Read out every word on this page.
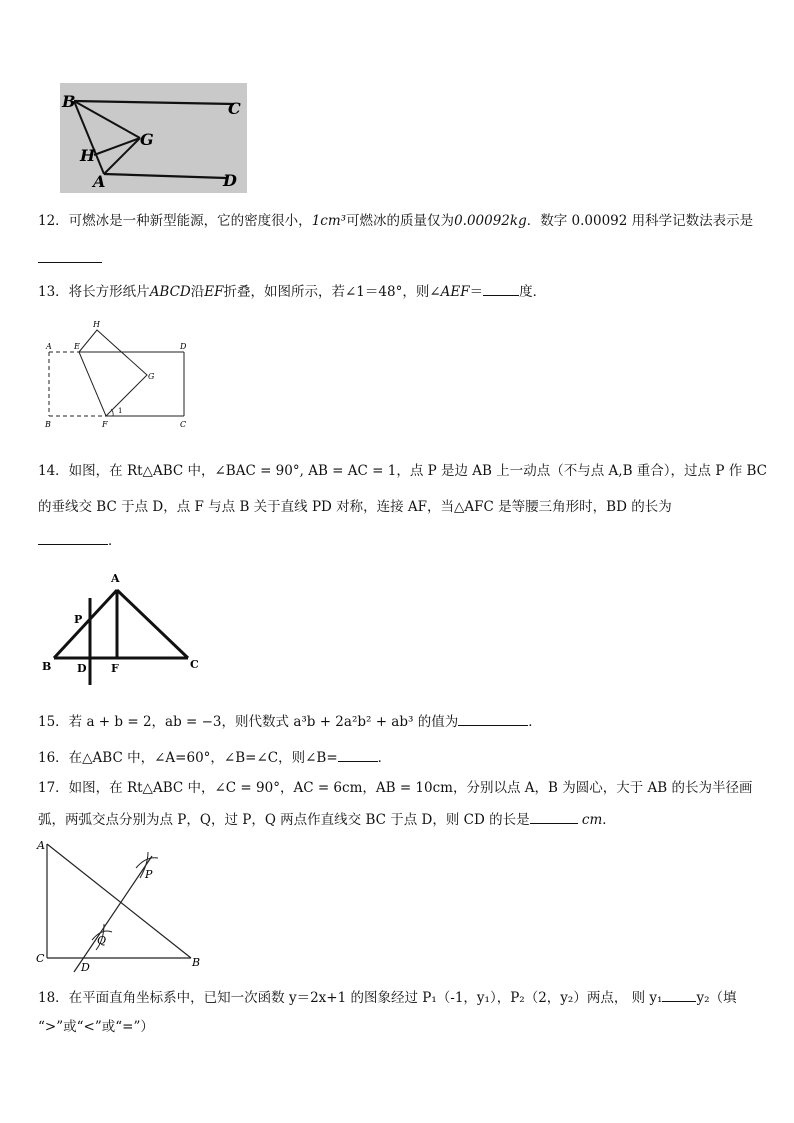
B	C
G
H
A	D
12．可燃冰是一种新型能源，它的密度很小，1cm³可燃冰的质量仅为0.00092kg．数字 0.00092 用科学记数法表示是
13．将长方形纸片ABCD沿EF折叠，如图所示，若∠1＝48°，则∠AEF＝	度．
H
A	E	D
G
B	F
1
C
14．如图，在 Rt△ABC 中，∠BAC = 90°, AB = AC = 1，点 P 是边 AB 上一动点（不与点 A,B 重合），过点 P 作 BC
的垂线交 BC 于点 D，点 F 与点 B 关于直线 PD 对称，连接 AF，当△AFC 是等腰三角形时，BD 的长为
．
A
P
B D F	C
15．若 a + b = 2，ab = −3，则代数式 a³b + 2a²b² + ab³ 的值为	．
16．在△ABC 中，∠A=60°，∠B=∠C，则∠B=	．
17．如图，在 Rt△ABC 中，∠C = 90°，AC = 6cm，AB = 10cm，分别以点 A，B 为圆心，大于 AB 的长为半径画
弧，两弧交点分别为点 P，Q，过 P，Q 两点作直线交 BC 于点 D，则 CD 的长是	cm．
A
P
Q
C
D	B
18．在平面直角坐标系中，已知一次函数 y＝2x+1 的图象经过 P₁（-1，y₁），P₂（2，y₂）两点， 则 y₁	y₂（填
“>”或“<”或“=”）
